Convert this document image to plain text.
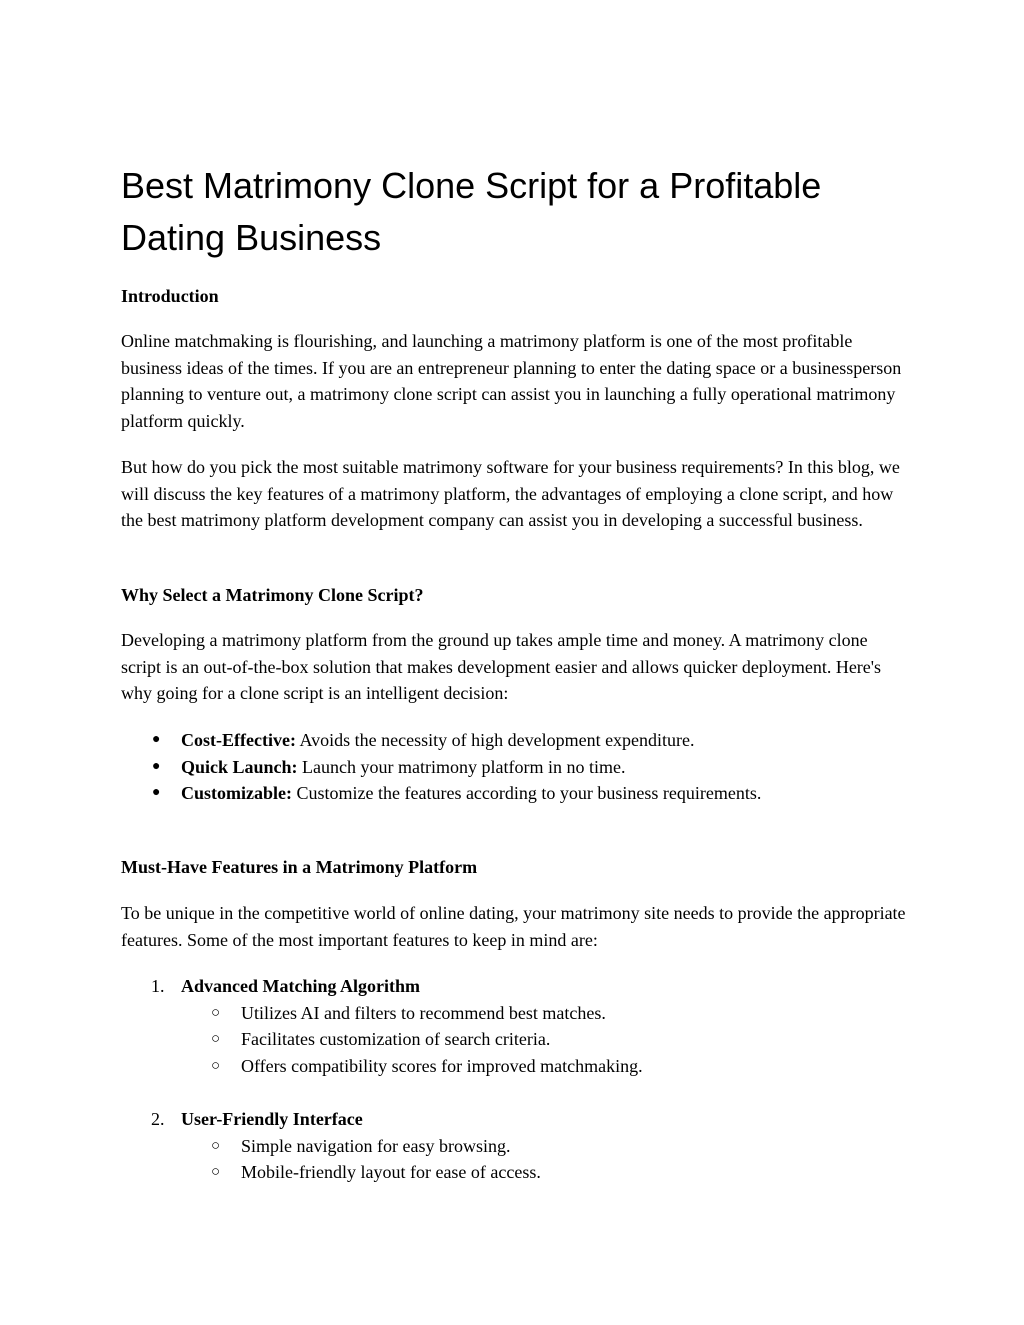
Best Matrimony Clone Script for a Profitable Dating Business
Introduction

Online matchmaking is flourishing, and launching a matrimony platform is one of the most profitable business ideas of the times. If you are an entrepreneur planning to enter the dating space or a businessperson planning to venture out, a matrimony clone script can assist you in launching a fully operational matrimony platform quickly.

But how do you pick the most suitable matrimony software for your business requirements? In this blog, we will discuss the key features of a matrimony platform, the advantages of employing a clone script, and how the best matrimony platform development company can assist you in developing a successful business.

Why Select a Matrimony Clone Script?

Developing a matrimony platform from the ground up takes ample time and money. A matrimony clone script is an out-of-the-box solution that makes development easier and allows quicker deployment. Here's why going for a clone script is an intelligent decision:

● Cost-Effective: Avoids the necessity of high development expenditure.
● Quick Launch: Launch your matrimony platform in no time.
● Customizable: Customize the features according to your business requirements.
Must-Have Features in a Matrimony Platform

To be unique in the competitive world of online dating, your matrimony site needs to provide the appropriate features. Some of the most important features to keep in mind are:

1. Advanced Matching Algorithm
○ Utilizes AI and filters to recommend best matches.
○ Facilitates customization of search criteria.
○ Offers compatibility scores for improved matchmaking.
2. User-Friendly Interface
○ Simple navigation for easy browsing.
○ Mobile-friendly layout for ease of access.
